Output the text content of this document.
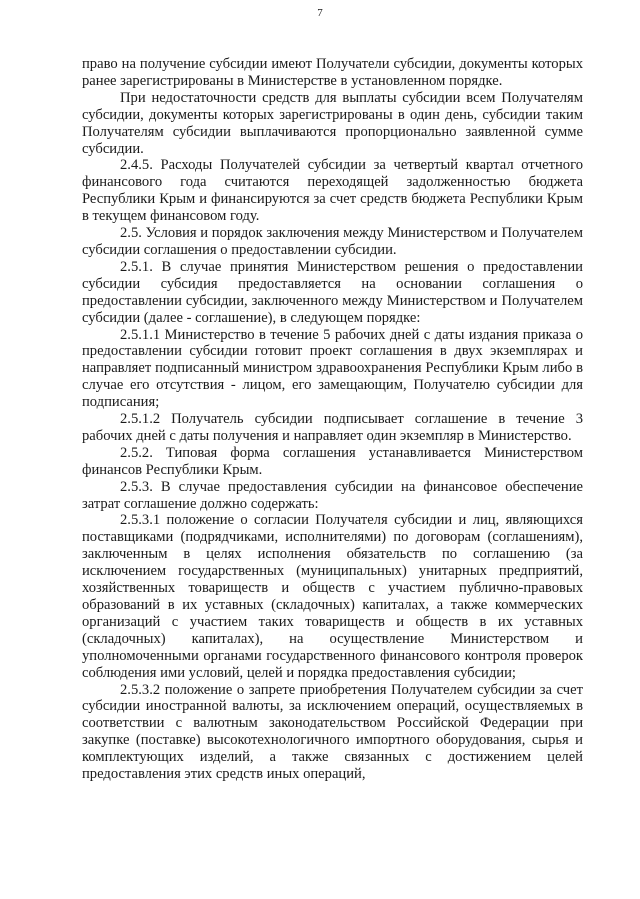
7

право на получение субсидии имеют Получатели субсидии, документы которых ранее зарегистрированы в Министерстве в установленном порядке.

При недостаточности средств для выплаты субсидии всем Получателям субсидии, документы которых зарегистрированы в один день, субсидии таким Получателям субсидии выплачиваются пропорционально заявленной сумме субсидии.

2.4.5. Расходы Получателей субсидии за четвертый квартал отчетного финансового года считаются переходящей задолженностью бюджета Республики Крым и финансируются за счет средств бюджета Республики Крым в текущем финансовом году.

2.5. Условия и порядок заключения между Министерством и Получателем субсидии соглашения о предоставлении субсидии.

2.5.1. В случае принятия Министерством решения о предоставлении субсидии субсидия предоставляется на основании соглашения о предоставлении субсидии, заключенного между Министерством и Получателем субсидии (далее - соглашение), в следующем порядке:

2.5.1.1 Министерство в течение 5 рабочих дней с даты издания приказа о предоставлении субсидии готовит проект соглашения в двух экземплярах и направляет подписанный министром здравоохранения Республики Крым либо в случае его отсутствия - лицом, его замещающим, Получателю субсидии для подписания;

2.5.1.2 Получатель субсидии подписывает соглашение в течение 3 рабочих дней с даты получения и направляет один экземпляр в Министерство.

2.5.2. Типовая форма соглашения устанавливается Министерством финансов Республики Крым.

2.5.3. В случае предоставления субсидии на финансовое обеспечение затрат соглашение должно содержать:

2.5.3.1 положение о согласии Получателя субсидии и лиц, являющихся поставщиками (подрядчиками, исполнителями) по договорам (соглашениям), заключенным в целях исполнения обязательств по соглашению (за исключением государственных (муниципальных) унитарных предприятий, хозяйственных товариществ и обществ с участием публично-правовых образований в их уставных (складочных) капиталах, а также коммерческих организаций с участием таких товариществ и обществ в их уставных (складочных) капиталах), на осуществление Министерством и уполномоченными органами государственного финансового контроля проверок соблюдения ими условий, целей и порядка предоставления субсидии;

2.5.3.2 положение о запрете приобретения Получателем субсидии за счет субсидии иностранной валюты, за исключением операций, осуществляемых в соответствии с валютным законодательством Российской Федерации при закупке (поставке) высокотехнологичного импортного оборудования, сырья и комплектующих изделий, а также связанных с достижением целей предоставления этих средств иных операций,
